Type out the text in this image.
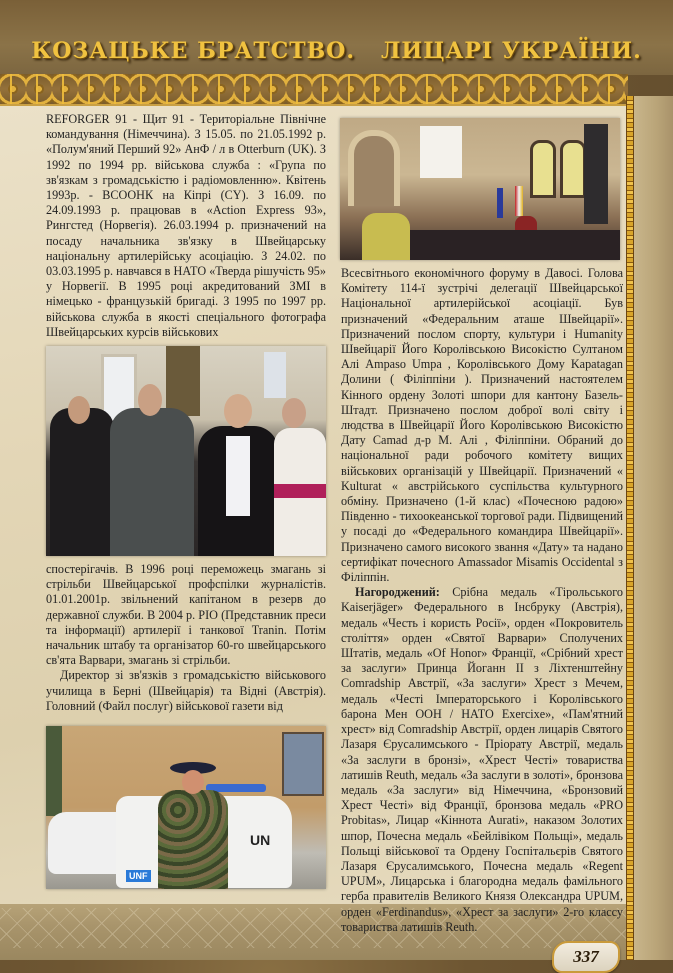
КОЗАЦЬКЕ БРАТСТВО.   ЛИЦАРІ УКРАЇНИ.

REFORGER 91 - Щит 91 - Територіальне Північне командування (Німеччина). З 15.05. по 21.05.1992 р. «Полум'яний Перший 92» АнФ / л в Otterburn (UK). З 1992 по 1994 рр. військова служба : «Група по зв'язкам з громадськістю і радіомовленню». Квітень 1993р. - ВСООНК на Кіпрі (CY). З 16.09. по 24.09.1993 р. працював в «Action Express 93», Рингстед (Норвегія). 26.03.1994 р. призначений на посаду начальника зв'язку в Швейцарську національну артилерійську асоціацію. З 24.02. по 03.03.1995 р. навчався в НАТО «Тверда рішучість 95» у Норвегії. В 1995 році акредитований ЗМІ в німецько - французькій бригаді. З 1995 по 1997 рр. військова служба в якості спеціального фотографа Швейцарських курсів військових

спостерігачів. В 1996 році переможець змагань зі стрільби Швейцарської профспілки журналістів. 01.01.2001р. звільнений капітаном в резерв до державної служби. В 2004 р. PIO (Представник преси та інформації) артилерії і танкової Tranin. Потім начальник штабу та організатор 60-го швейцарського св'ята Варвари, змагань зі стрільби.

Директор зі зв'язків з громадськістю військового училища в Берні (Швейцарія) та Відні (Австрія). Головний (Файл послуг) військової газети від

UN
UNF

Всесвітнього економічного форуму в Давосі. Голова Комітету 114-ї зустрічі делегації Швейцарської Національної артилерійської асоціації. Був призначений «Федеральним аташе Швейцарії». Призначений послом спорту, культури і Humanity Швейцарії Його Королівською Високістю Султаном Алі Ampaso Umpa , Королівського Дому Kapatagan Долини ( Філіппіни ). Призначений настоятелем Кінного ордену Золоті шпори для кантону Базель-Штадт. Призначено послом доброї волі світу і людства в Швейцарії Його Королівською Високістю Дату Camad д-р М. Алі , Філіппіни. Обраний до національної ради робочого комітету вищих військових організацій у Швейцарії. Призначений « Kulturat « австрійського суспільства культурного обміну. Призначено (1-й клас) «Почесною радою» Південно - тихоокеанської торгової ради. Підвищений у посаді до «Федерального командира Швейцарії». Призначено самого високого звання «Дату» та надано сертифікат почесного Amassador Misamis Occidental з Філіппін.

Нагороджений: Срібна медаль «Тірольського Kaiserjäger» Федерального в Інсбруку (Австрія), медаль «Честь і користь Росії», орден «Покровитель століття» орден «Святої Варвари» Сполучених Штатів, медаль «Of Honor» Франції, «Срібний хрест за заслуги» Принца Йоганн II з Ліхтенштейну Comradship Австрії, «За заслуги» Хрест з Мечем, медаль «Честі Імператорського і Королівського барона Мен ООН / НАТО Exercixe», «Пам'ятний хрест» від Comradship Австрії, орден лицарів Святого Лазаря Єрусалимського - Пріорату Австрії, медаль «За заслуги в бронзі», «Хрест Честі» товариства латишів Reuth, медаль «За заслуги в золоті», бронзова медаль «За заслуги» від Німеччина, «Бронзовий Хрест Честі» від Франції, бронзова медаль «PRO Probitas», Лицар «Кіннота Aurati», наказом Золотих шпор, Почесна медаль «Бейлівіком Польщі», медаль Польщі військової та Ордену Госпітальєрів Святого Лазаря Єрусалимського, Почесна медаль «Regent UPUM», Лицарська і благородна медаль фамільного герба правителів Великого Князя Олександра UPUM, орден «Ferdinandus», «Хрест за заслуги» 2-го классу товариства латишів Reuth.

337
